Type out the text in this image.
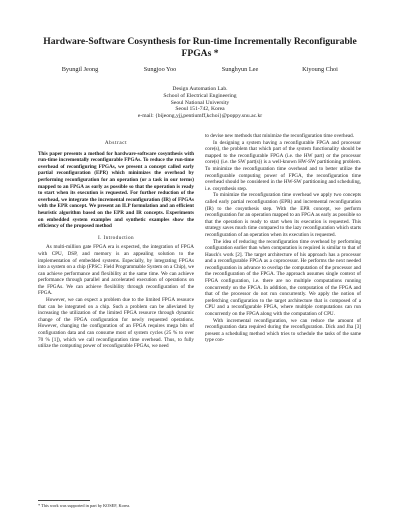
Hardware-Software Cosynthesis for Run-time Incrementally Reconfigurable FPGAs *
Byungil Jeong	Sungjoo Yoo	Sunghyun Lee	Kiyoung Choi
Design Automation Lab.
School of Electrical Engineering
Seoul National University
Seoul 151-742, Korea
e-mail: {bijeong,yjj,pentiumff,kchoi}@poppy.snu.ac.kr
Abstract

This paper presents a method for hardware-software cosynthesis with run-time incrementally reconfigurable FPGAs. To reduce the run-time overhead of reconfiguring FPGAs, we present a concept called early partial reconfiguration (EPR) which minimizes the overhead by performing reconfiguration for an operation (or a task in our terms) mapped to an FPGA as early as possible so that the operation is ready to start when its execution is requested. For further reduction of the overhead, we integrate the incremental reconfiguration (IR) of FPGAs with the EPR concept. We present an ILP formulation and an efficient heuristic algorithm based on the EPR and IR concepts. Experiments on embedded system examples and synthetic examples show the efficiency of the proposed method

I. Introduction

As multi-million gate FPGA era is expected, the integration of FPGA with CPU, DSP, and memory is an appealing solution to the implementation of embedded systems. Especially, by integrating FPGAs into a system on a chip (FPSC: Field Programmable System on a Chip), we can achieve performance and flexibility at the same time. We can achieve performance through parallel and accelerated execution of operations on the FPGAs. We can achieve flexibility through reconfiguration of the FPGA.

However, we can expect a problem due to the limited FPGA resource that can be integrated on a chip. Such a problem can be alleviated by increasing the utilization of the limited FPGA resource through dynamic change of the FPGA configuration for newly requested operations. However, changing the configuration of an FPGA requires mega bits of configuration data and can consume most of system cycles (25 % to over 70 % [1]), which we call reconfiguration time overhead. Thus, to fully utilize the computing power of reconfigurable FPGAs, we need

to devise new methods that minimize the reconfiguration time overhead.

In designing a system having a reconfigurable FPGA and processor core(s), the problem that which part of the system functionality should be mapped to the reconfigurable FPGA (i.e. the HW part) or the processor core(s) (i.e. the SW part(s)) is a well-known HW-SW partitioning problem. To minimize the reconfiguration time overhead and to better utilize the reconfigurable computing power of FPGA, the reconfiguration time overhead should be considered in the HW-SW partitioning and scheduling, i.e. cosynthesis step.

To minimize the reconfiguration time overhead we apply two concepts called early partial reconfiguration (EPR) and incremental reconfiguration (IR) to the cosynthesis step. With the EPR concept, we perform reconfiguration for an operation mapped to an FPGA as early as possible so that the operation is ready to start when its execution is requested. This strategy saves much time compared to the lazy reconfiguration which starts reconfiguration of an operation when its execution is requested.

The idea of reducing the reconfiguration time overhead by performing configuration earlier than when computation is required is similar to that of Hauck's work [2]. The target architecture of his approach has a processor and a reconfigurable FPGA as a coprocessor. He performs the next needed reconfiguration in advance to overlap the computation of the processor and the reconfiguration of the FPGA. The approach assumes single context of FPGA configuration, i.e. there are no multiple computations running concurrently on the FPGA. In addition, the computation of the FPGA and that of the processor do not run concurrently. We apply the notion of prefetching configuration to the target architecture that is composed of a CPU and a reconfigurable FPGA, where multiple computations can run concurrently on the FPGA along with the computation of CPU.

With incremental reconfiguration, we can reduce the amount of reconfiguration data required during the reconfiguration. Dick and Jha [3] present a scheduling method which tries to schedule the tasks of the same type con-

* This work was supported in part by KOSEF, Korea.
